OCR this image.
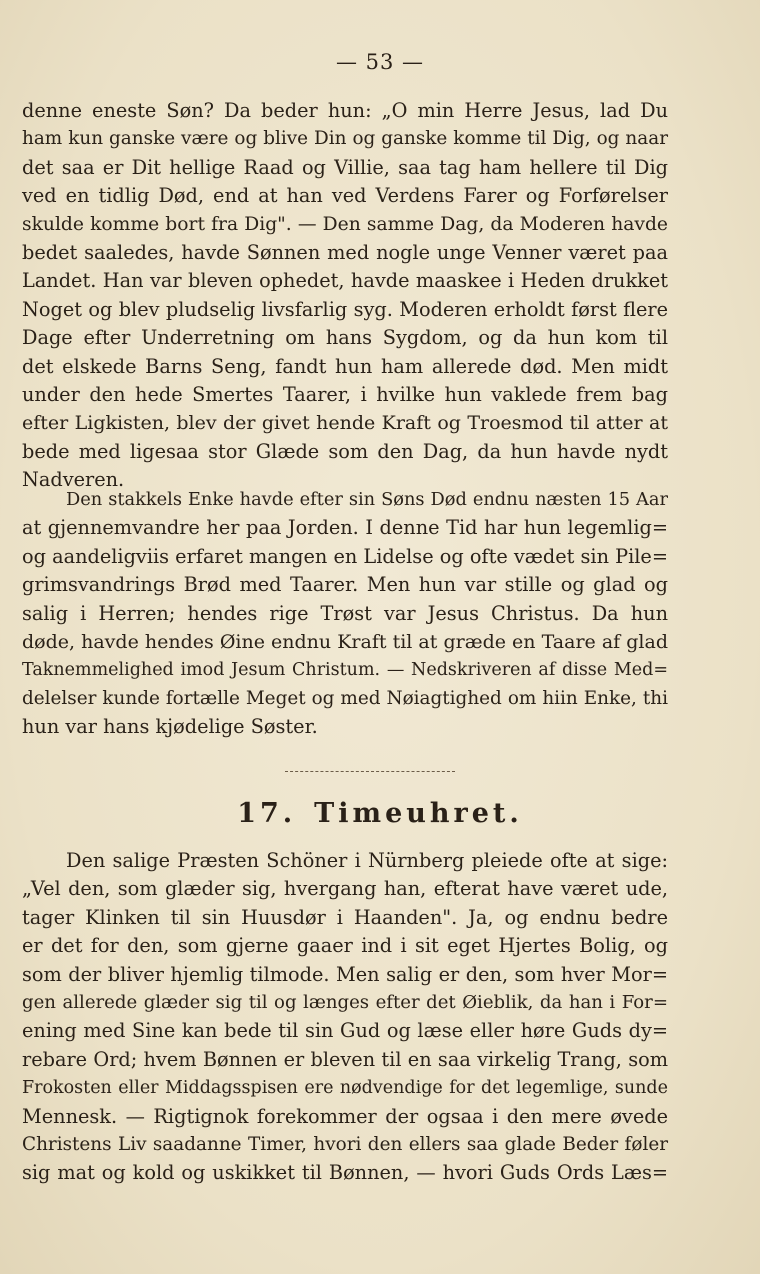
— 53 —
denne eneste Søn? Da beder hun: „O min Herre Jesus, lad Du
ham kun ganske være og blive Din og ganske komme til Dig, og naar
det saa er Dit hellige Raad og Villie, saa tag ham hellere til Dig
ved en tidlig Død, end at han ved Verdens Farer og Forførelser
skulde komme bort fra Dig". — Den samme Dag, da Moderen havde
bedet saaledes, havde Sønnen med nogle unge Venner været paa
Landet. Han var bleven ophedet, havde maaskee i Heden drukket
Noget og blev pludselig livsfarlig syg. Moderen erholdt først flere
Dage efter Underretning om hans Sygdom, og da hun kom til
det elskede Barns Seng, fandt hun ham allerede død. Men midt
under den hede Smertes Taarer, i hvilke hun vaklede frem bag
efter Ligkisten, blev der givet hende Kraft og Troesmod til atter at
bede med ligesaa stor Glæde som den Dag, da hun havde nydt
Nadveren.
Den stakkels Enke havde efter sin Søns Død endnu næsten 15 Aar
at gjennemvandre her paa Jorden. I denne Tid har hun legemlig=
og aandeligviis erfaret mangen en Lidelse og ofte vædet sin Pile=
grimsvandrings Brød med Taarer. Men hun var stille og glad og
salig i Herren; hendes rige Trøst var Jesus Christus. Da hun
døde, havde hendes Øine endnu Kraft til at græde en Taare af glad
Taknemmelighed imod Jesum Christum. — Nedskriveren af disse Med=
delelser kunde fortælle Meget og med Nøiagtighed om hiin Enke, thi
hun var hans kjødelige Søster.
17. Timeuhret.
Den salige Præsten Schöner i Nürnberg pleiede ofte at sige:
„Vel den, som glæder sig, hvergang han, efterat have været ude,
tager Klinken til sin Huusdør i Haanden". Ja, og endnu bedre
er det for den, som gjerne gaaer ind i sit eget Hjertes Bolig, og
som der bliver hjemlig tilmode. Men salig er den, som hver Mor=
gen allerede glæder sig til og længes efter det Øieblik, da han i For=
ening med Sine kan bede til sin Gud og læse eller høre Guds dy=
rebare Ord; hvem Bønnen er bleven til en saa virkelig Trang, som
Frokosten eller Middagsspisen ere nødvendige for det legemlige, sunde
Mennesk. — Rigtignok forekommer der ogsaa i den mere øvede
Christens Liv saadanne Timer, hvori den ellers saa glade Beder føler
sig mat og kold og uskikket til Bønnen, — hvori Guds Ords Læs=
